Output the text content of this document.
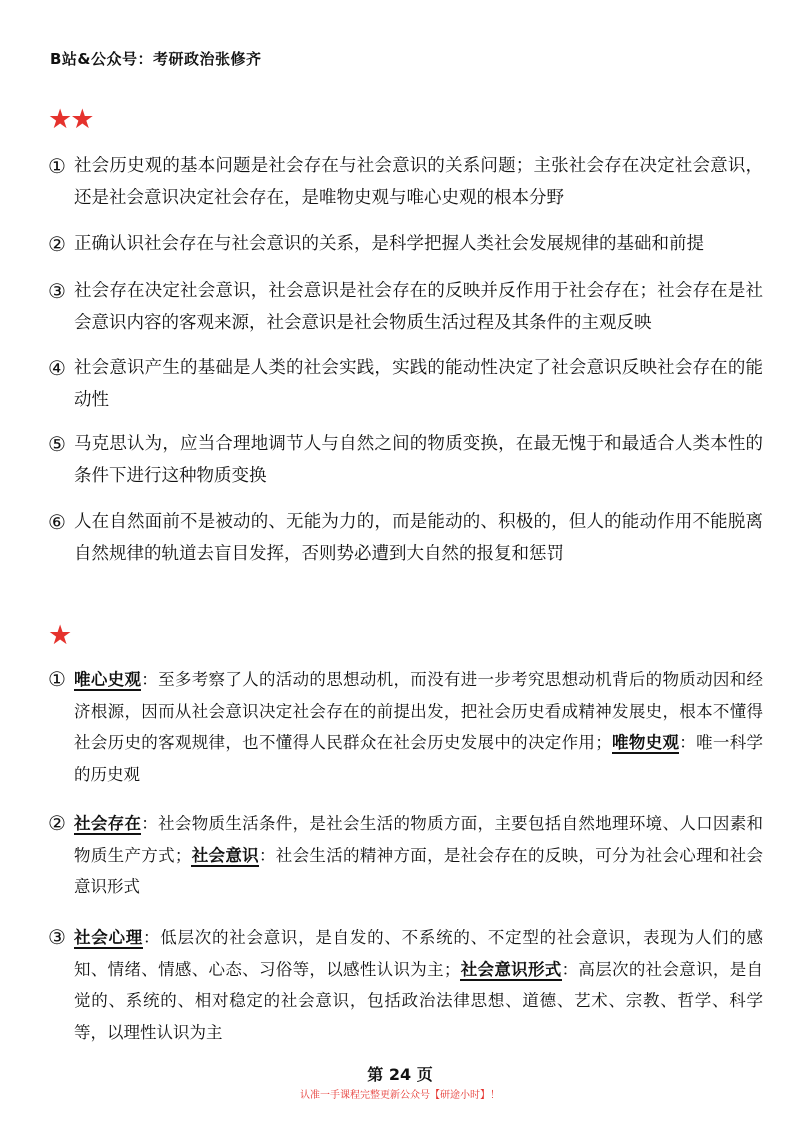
B站&公众号：考研政治张修齐
★★
① 社会历史观的基本问题是社会存在与社会意识的关系问题；主张社会存在决定社会意识，还是社会意识决定社会存在，是唯物史观与唯心史观的根本分野
② 正确认识社会存在与社会意识的关系，是科学把握人类社会发展规律的基础和前提
③ 社会存在决定社会意识，社会意识是社会存在的反映并反作用于社会存在；社会存在是社会意识内容的客观来源，社会意识是社会物质生活过程及其条件的主观反映
④ 社会意识产生的基础是人类的社会实践，实践的能动性决定了社会意识反映社会存在的能动性
⑤ 马克思认为，应当合理地调节人与自然之间的物质变换，在最无愧于和最适合人类本性的条件下进行这种物质变换
⑥ 人在自然面前不是被动的、无能为力的，而是能动的、积极的，但人的能动作用不能脱离自然规律的轨道去盲目发挥，否则势必遭到大自然的报复和惩罚
★
① 唯心史观：至多考察了人的活动的思想动机，而没有进一步考究思想动机背后的物质动因和经济根源，因而从社会意识决定社会存在的前提出发，把社会历史看成精神发展史，根本不懂得社会历史的客观规律，也不懂得人民群众在社会历史发展中的决定作用；唯物史观：唯一科学的历史观
② 社会存在：社会物质生活条件，是社会生活的物质方面，主要包括自然地理环境、人口因素和物质生产方式；社会意识：社会生活的精神方面，是社会存在的反映，可分为社会心理和社会意识形式
③ 社会心理：低层次的社会意识，是自发的、不系统的、不定型的社会意识，表现为人们的感知、情绪、情感、心态、习俗等，以感性认识为主；社会意识形式：高层次的社会意识，是自觉的、系统的、相对稳定的社会意识，包括政治法律思想、道德、艺术、宗教、哲学、科学等，以理性认识为主
第 24 页
认准一手课程完整更新公众号【研途小时】！
